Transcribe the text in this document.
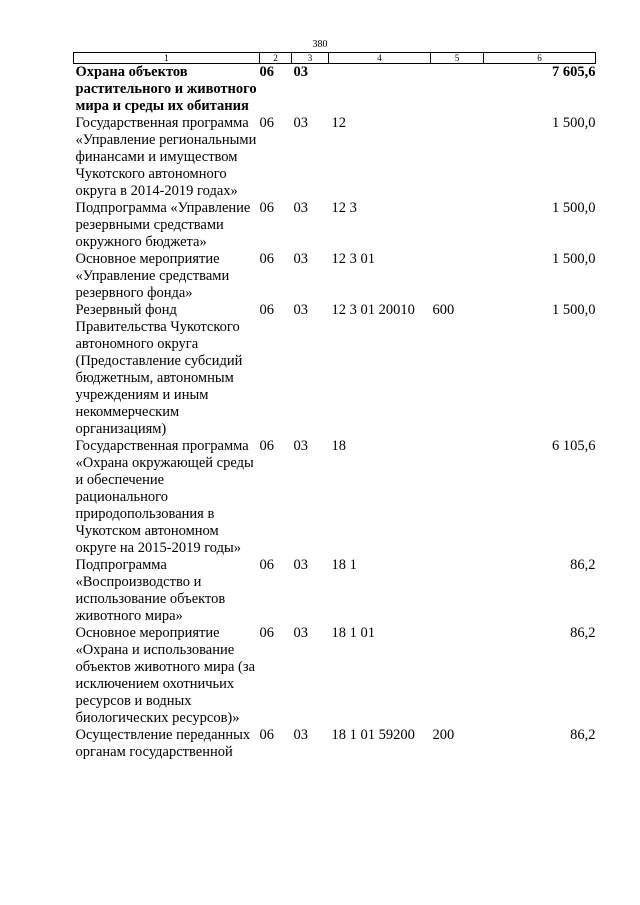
380
1	2	3	4	5	6
Охрана объектов растительного и животного мира и среды их обитания	06	03			7 605,6
Государственная программа «Управление региональными финансами и имуществом Чукотского автономного округа в 2014-2019 годах»	06	03	12		1 500,0
Подпрограмма «Управление резервными средствами окружного бюджета»	06	03	12 3		1 500,0
Основное мероприятие «Управление средствами резервного фонда»	06	03	12 3 01		1 500,0
Резервный фонд Правительства Чукотского автономного округа (Предоставление субсидий бюджетным, автономным учреждениям и иным некоммерческим организациям)	06	03	12 3 01 20010	600	1 500,0
Государственная программа «Охрана окружающей среды и обеспечение рационального природопользования в Чукотском автономном округе на 2015-2019 годы»	06	03	18		6 105,6
Подпрограмма «Воспроизводство и использование объектов животного мира»	06	03	18 1		86,2
Основное мероприятие «Охрана и использование объектов животного мира (за исключением охотничьих ресурсов и водных биологических ресурсов)»	06	03	18 1 01		86,2
Осуществление переданных органам государственной	06	03	18 1 01 59200	200	86,2
